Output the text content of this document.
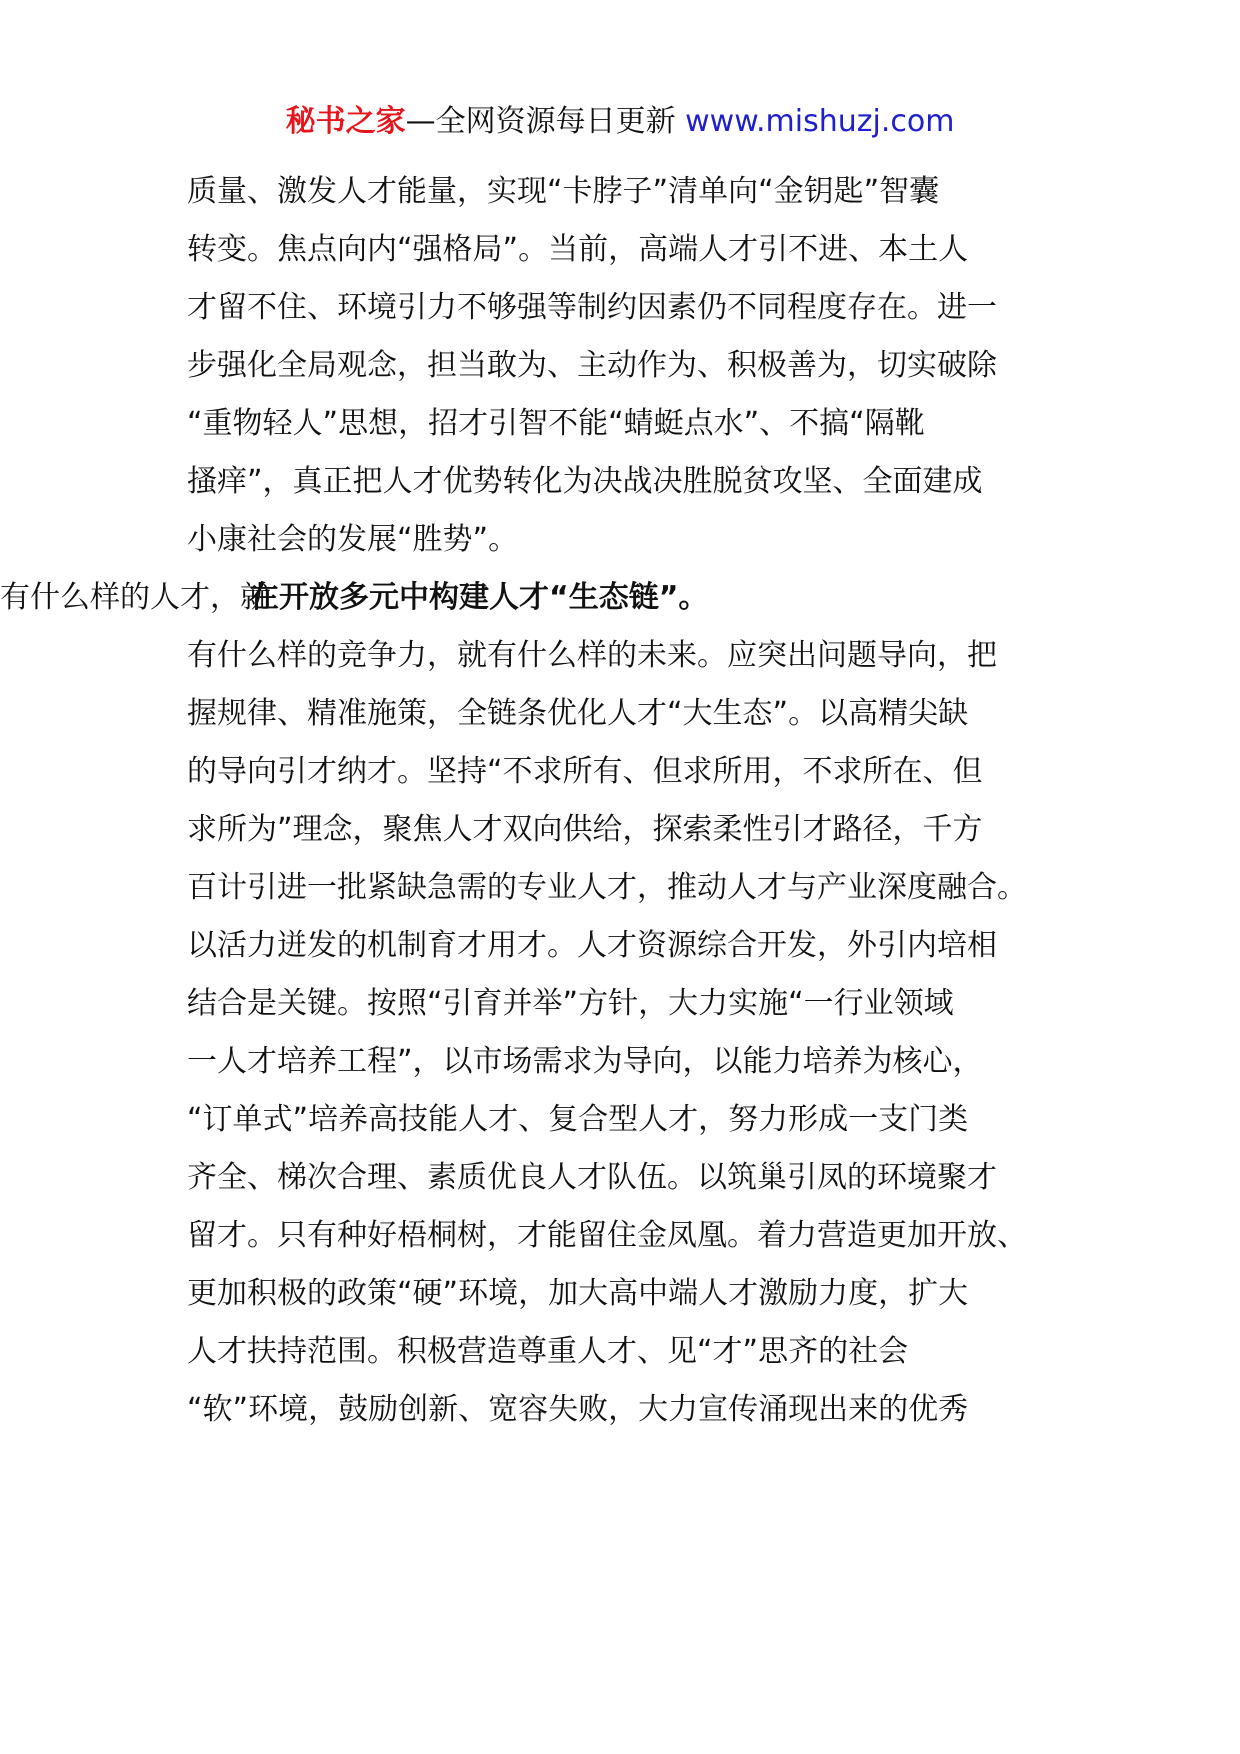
秘书之家—全网资源每日更新 www.mishuzj.com
质量、激发人才能量，实现“卡脖子”清单向“金钥匙”智囊
转变。焦点向内“强格局”。当前，高端人才引不进、本土人
才留不住、环境引力不够强等制约因素仍不同程度存在。进一
步强化全局观念，担当敢为、主动作为、积极善为，切实破除
“重物轻人”思想，招才引智不能“蜻蜓点水”、不搞“隔靴
搔痒”，真正把人才优势转化为决战决胜脱贫攻坚、全面建成
小康社会的发展“胜势”。
在开放多元中构建人才“生态链”。
有什么样的人才，就
有什么样的竞争力，就有什么样的未来。应突出问题导向，把
握规律、精准施策，全链条优化人才“大生态”。以高精尖缺
的导向引才纳才。坚持“不求所有、但求所用，不求所在、但
求所为”理念，聚焦人才双向供给，探索柔性引才路径，千方
百计引进一批紧缺急需的专业人才，推动人才与产业深度融合。
以活力迸发的机制育才用才。人才资源综合开发，外引内培相
结合是关键。按照“引育并举”方针，大力实施“一行业领域
一人才培养工程”，以市场需求为导向，以能力培养为核心，
“订单式”培养高技能人才、复合型人才，努力形成一支门类
齐全、梯次合理、素质优良人才队伍。以筑巢引凤的环境聚才
留才。只有种好梧桐树，才能留住金凤凰。着力营造更加开放、
更加积极的政策“硬”环境，加大高中端人才激励力度，扩大
人才扶持范围。积极营造尊重人才、见“才”思齐的社会
“软”环境，鼓励创新、宽容失败，大力宣传涌现出来的优秀
